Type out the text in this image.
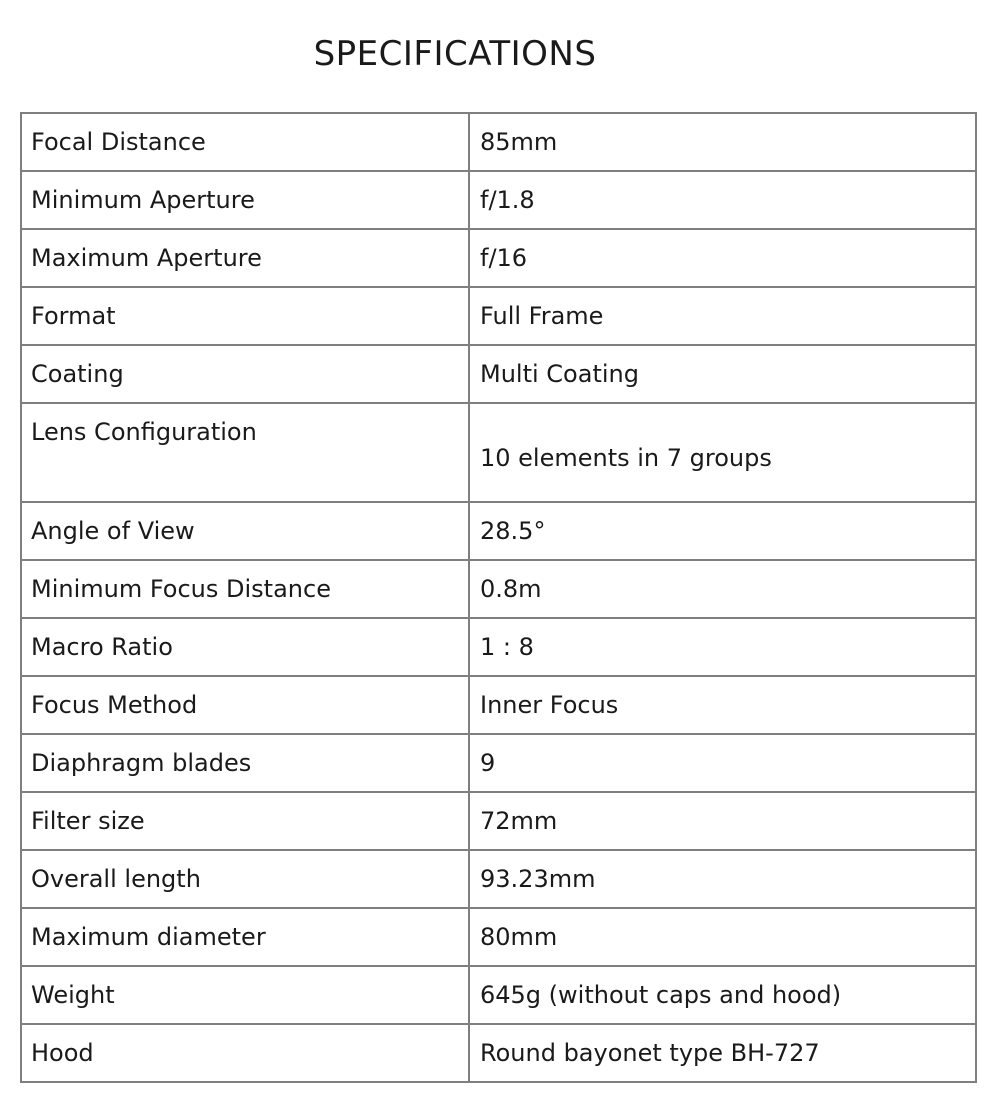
SPECIFICATIONS
Focal Distance	85mm
Minimum Aperture	f/1.8
Maximum Aperture	f/16
Format	Full Frame
Coating	Multi Coating
Lens Configuration	10 elements in 7 groups
Angle of View	28.5°
Minimum Focus Distance	0.8m
Macro Ratio	1 : 8
Focus Method	Inner Focus
Diaphragm blades	9
Filter size	72mm
Overall length	93.23mm
Maximum diameter	80mm
Weight	645g (without caps and hood)
Hood	Round bayonet type BH-727
